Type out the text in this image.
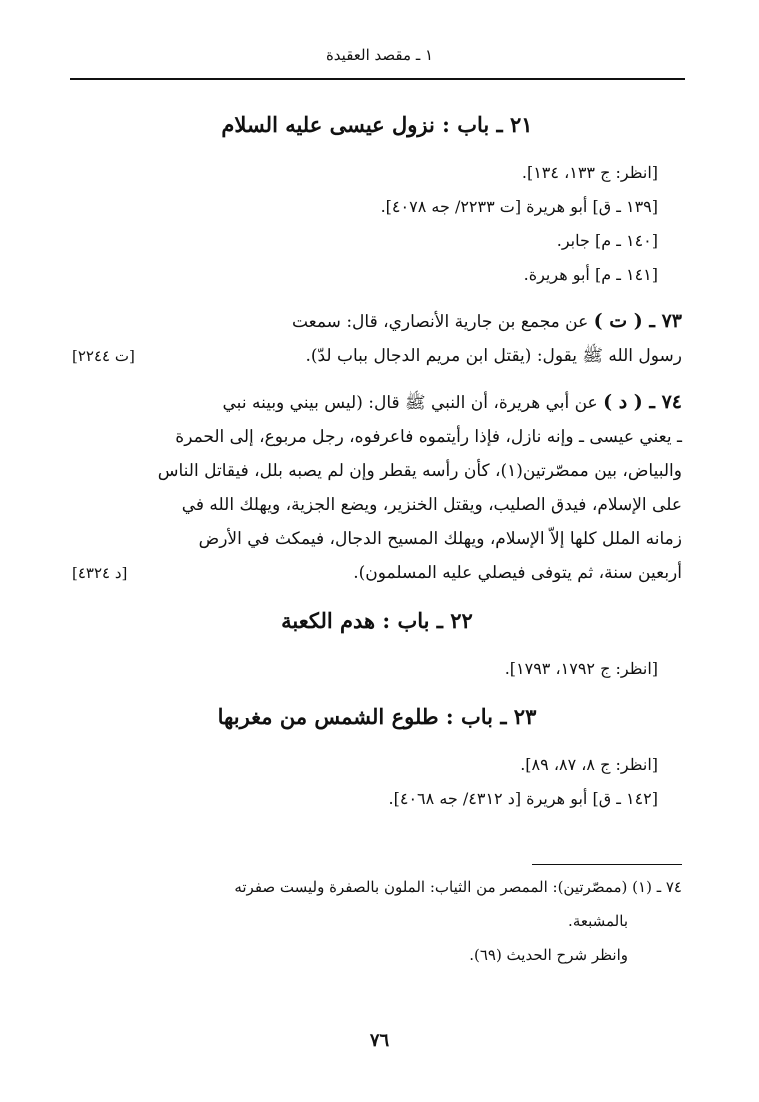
١ ـ مقصد العقيدة
٢١ ـ باب : نزول عيسى عليه السلام
[انظر: ج ١٣٣، ١٣٤].
[١٣٩ ـ ق] أبو هريرة [ت ٢٢٣٣/ جه ٤٠٧٨].
[١٤٠ ـ م] جابر.
[١٤١ ـ م] أبو هريرة.
٧٣ ـ ( ت ) عن مجمع بن جارية الأنصاري، قال: سمعت
رسول الله ﷺ يقول: (يقتل ابن مريم الدجال بباب لدّ).
[ت ٢٢٤٤]
٧٤ ـ ( د ) عن أبي هريرة، أن النبي ﷺ قال: (ليس بيني وبينه نبي
ـ يعني عيسى ـ وإنه نازل، فإذا رأيتموه فاعرفوه، رجل مربوع، إلى الحمرة
والبياض، بين ممصّرتين(١)، كأن رأسه يقطر وإن لم يصبه بلل، فيقاتل الناس
على الإسلام، فيدق الصليب، ويقتل الخنزير، ويضع الجزية، ويهلك الله في
زمانه الملل كلها إلاّ الإسلام، ويهلك المسيح الدجال، فيمكث في الأرض
أربعين سنة، ثم يتوفى فيصلي عليه المسلمون).
[د ٤٣٢٤]
٢٢ ـ باب : هدم الكعبة
[انظر: ج ١٧٩٢، ١٧٩٣].
٢٣ ـ باب : طلوع الشمس من مغربها
[انظر: ج ٨، ٨٧، ٨٩].
[١٤٢ ـ ق] أبو هريرة [د ٤٣١٢/ جه ٤٠٦٨].
٧٤ ـ (١) (ممصّرتين): الممصر من الثياب: الملون بالصفرة وليست صفرته
بالمشبعة.
وانظر شرح الحديث (٦٩).
٧٦
